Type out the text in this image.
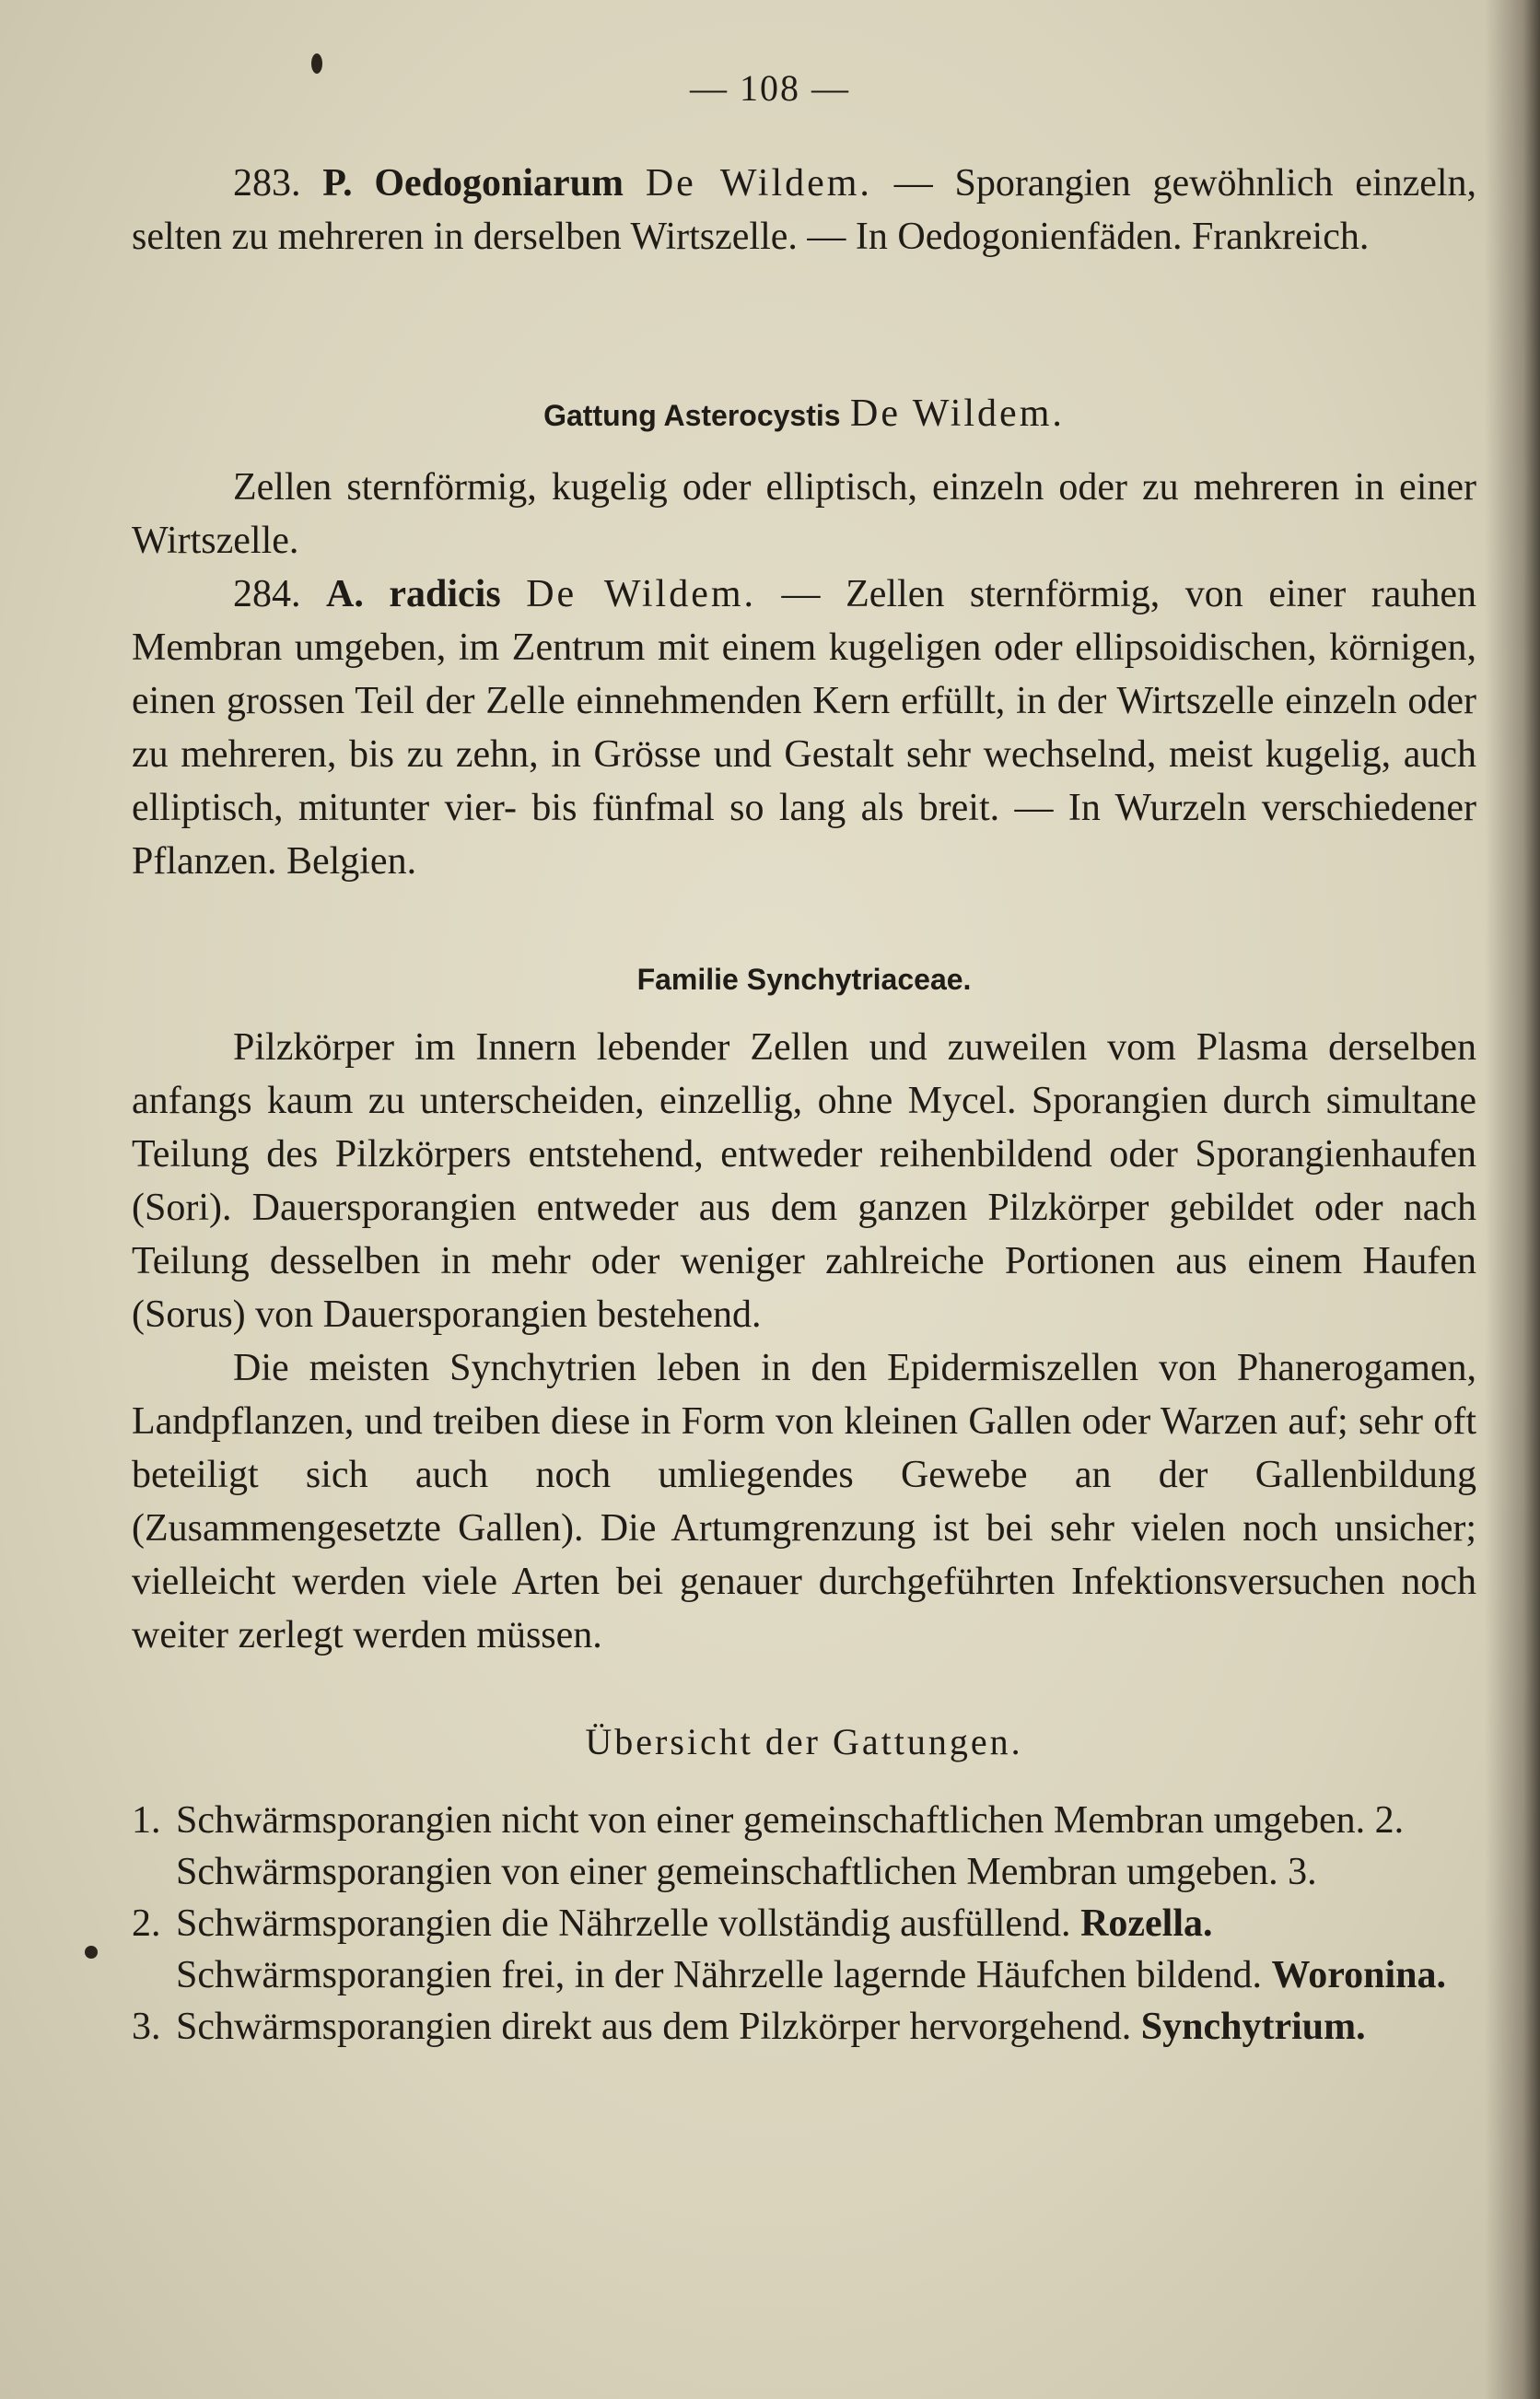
— 108 —

283. P. Oedogoniarum De Wildem. — Sporangien gewöhnlich einzeln, selten zu mehreren in derselben Wirtszelle. — In Oedogonienfäden. Frankreich.

Gattung Asterocystis De Wildem.

Zellen sternförmig, kugelig oder elliptisch, einzeln oder zu mehreren in einer Wirtszelle.

284. A. radicis De Wildem. — Zellen sternförmig, von einer rauhen Membran umgeben, im Zentrum mit einem kugeligen oder ellipsoidischen, körnigen, einen grossen Teil der Zelle einnehmenden Kern erfüllt, in der Wirtszelle einzeln oder zu mehreren, bis zu zehn, in Grösse und Gestalt sehr wechselnd, meist kugelig, auch elliptisch, mitunter vier- bis fünfmal so lang als breit. — In Wurzeln verschiedener Pflanzen. Belgien.

Familie Synchytriaceae.

Pilzkörper im Innern lebender Zellen und zuweilen vom Plasma derselben anfangs kaum zu unterscheiden, einzellig, ohne Mycel. Sporangien durch simultane Teilung des Pilzkörpers entstehend, entweder reihenbildend oder Sporangienhaufen (Sori). Dauersporangien entweder aus dem ganzen Pilzkörper gebildet oder nach Teilung desselben in mehr oder weniger zahlreiche Portionen aus einem Haufen (Sorus) von Dauersporangien bestehend.

Die meisten Synchytrien leben in den Epidermiszellen von Phanerogamen, Landpflanzen, und treiben diese in Form von kleinen Gallen oder Warzen auf; sehr oft beteiligt sich auch noch umliegendes Gewebe an der Gallenbildung (Zusammengesetzte Gallen). Die Artumgrenzung ist bei sehr vielen noch unsicher; vielleicht werden viele Arten bei genauer durchgeführten Infektionsversuchen noch weiter zerlegt werden müssen.

Übersicht der Gattungen.

1. Schwärmsporangien nicht von einer gemeinschaftlichen Membran umgeben. 2.
Schwärmsporangien von einer gemeinschaftlichen Membran umgeben. 3.
2. Schwärmsporangien die Nährzelle vollständig ausfüllend. Rozella.
Schwärmsporangien frei, in der Nährzelle lagernde Häufchen bildend. Woronina.
3. Schwärmsporangien direkt aus dem Pilzkörper hervorgehend. Synchytrium.
